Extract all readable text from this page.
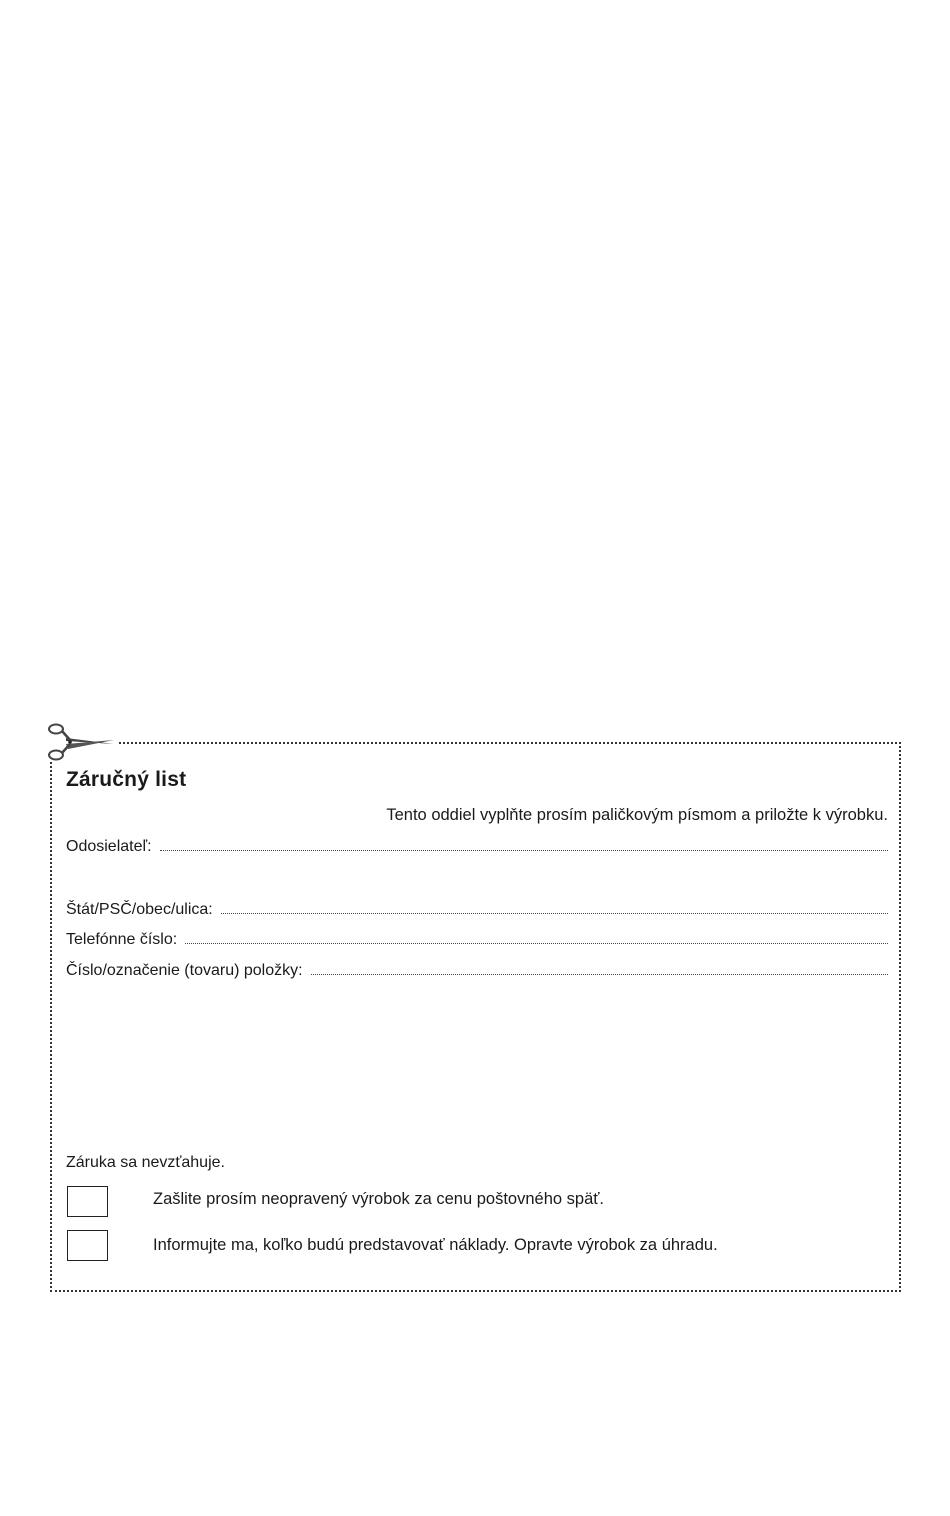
Záručný list
Tento oddiel vyplňte prosím paličkovým písmom a priložte k výrobku.
Odosielateľ:
Štát/PSČ/obec/ulica:
Telefónne číslo:
Číslo/označenie (tovaru) položky:
Záruka sa nevzťahuje.
Zašlite prosím neopravený výrobok za cenu poštovného späť.
Informujte ma, koľko budú predstavovať náklady. Opravte výrobok za úhradu.
